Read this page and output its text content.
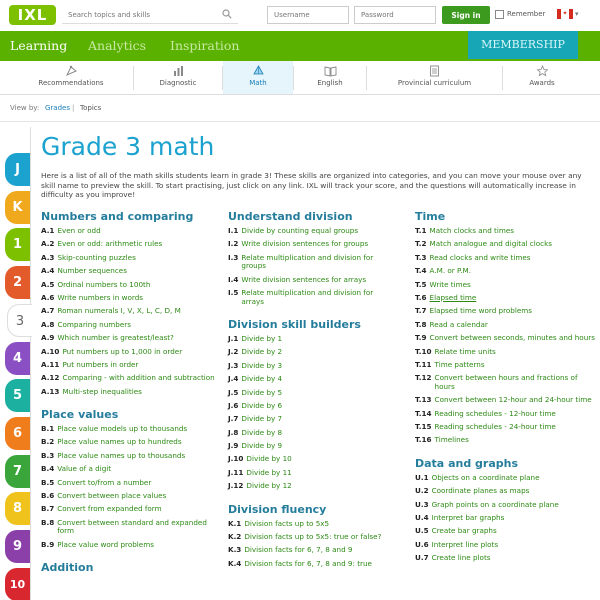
IXL
Search topics and skills
Username	Sign in	Remember	✦ ▾
Learning Analytics Inspiration	MEMBERSHIP
Recommendations	Diagnostic	Math	English	Provincial curriculum	Awards
View by: Grades | Topics
J
K
1
2
3
4
5
6
7
8
9
10
Grade 3 math

Here is a list of all of the math skills students learn in grade 3! These skills are organized into categories, and you can move your mouse over any skill name to preview the skill. To start practising, just click on any link. IXL will track your score, and the questions will automatically increase in difficulty as you improve!

Numbers and comparing
A.1 Even or odd
A.2 Even or odd: arithmetic rules
A.3 Skip-counting puzzles
A.4 Number sequences
A.5 Ordinal numbers to 100th
A.6 Write numbers in words
A.7 Roman numerals I, V, X, L, C, D, M
A.8 Comparing numbers
A.9 Which number is greatest/least?
A.10 Put numbers up to 1,000 in order
A.11 Put numbers in order
A.12 Comparing - with addition and subtraction
A.13 Multi-step inequalities
Place values
B.1 Place value models up to thousands
B.2 Place value names up to hundreds
B.3 Place value names up to thousands
B.4 Value of a digit
B.5 Convert to/from a number
B.6 Convert between place values
B.7 Convert from expanded form
B.8 Convert between standard and expanded form
B.9 Place value word problems
Addition
Understand division
I.1 Divide by counting equal groups
I.2 Write division sentences for groups
I.3 Relate multiplication and division for groups
I.4 Write division sentences for arrays
I.5 Relate multiplication and division for arrays
Division skill builders
J.1 Divide by 1
J.2 Divide by 2
J.3 Divide by 3
J.4 Divide by 4
J.5 Divide by 5
J.6 Divide by 6
J.7 Divide by 7
J.8 Divide by 8
J.9 Divide by 9
J.10 Divide by 10
J.11 Divide by 11
J.12 Divide by 12
Division fluency
K.1 Division facts up to 5x5
K.2 Division facts up to 5x5: true or false?
K.3 Division facts for 6, 7, 8 and 9
K.4 Division facts for 6, 7, 8 and 9: true
Time
T.1 Match clocks and times
T.2 Match analogue and digital clocks
T.3 Read clocks and write times
T.4 A.M. or P.M.
T.5 Write times
T.6 Elapsed time
T.7 Elapsed time word problems
T.8 Read a calendar
T.9 Convert between seconds, minutes and hours
T.10 Relate time units
T.11 Time patterns
T.12 Convert between hours and fractions of hours
T.13 Convert between 12-hour and 24-hour time
T.14 Reading schedules - 12-hour time
T.15 Reading schedules - 24-hour time
T.16 Timelines
Data and graphs
U.1 Objects on a coordinate plane
U.2 Coordinate planes as maps
U.3 Graph points on a coordinate plane
U.4 Interpret bar graphs
U.5 Create bar graphs
U.6 Interpret line plots
U.7 Create line plots
